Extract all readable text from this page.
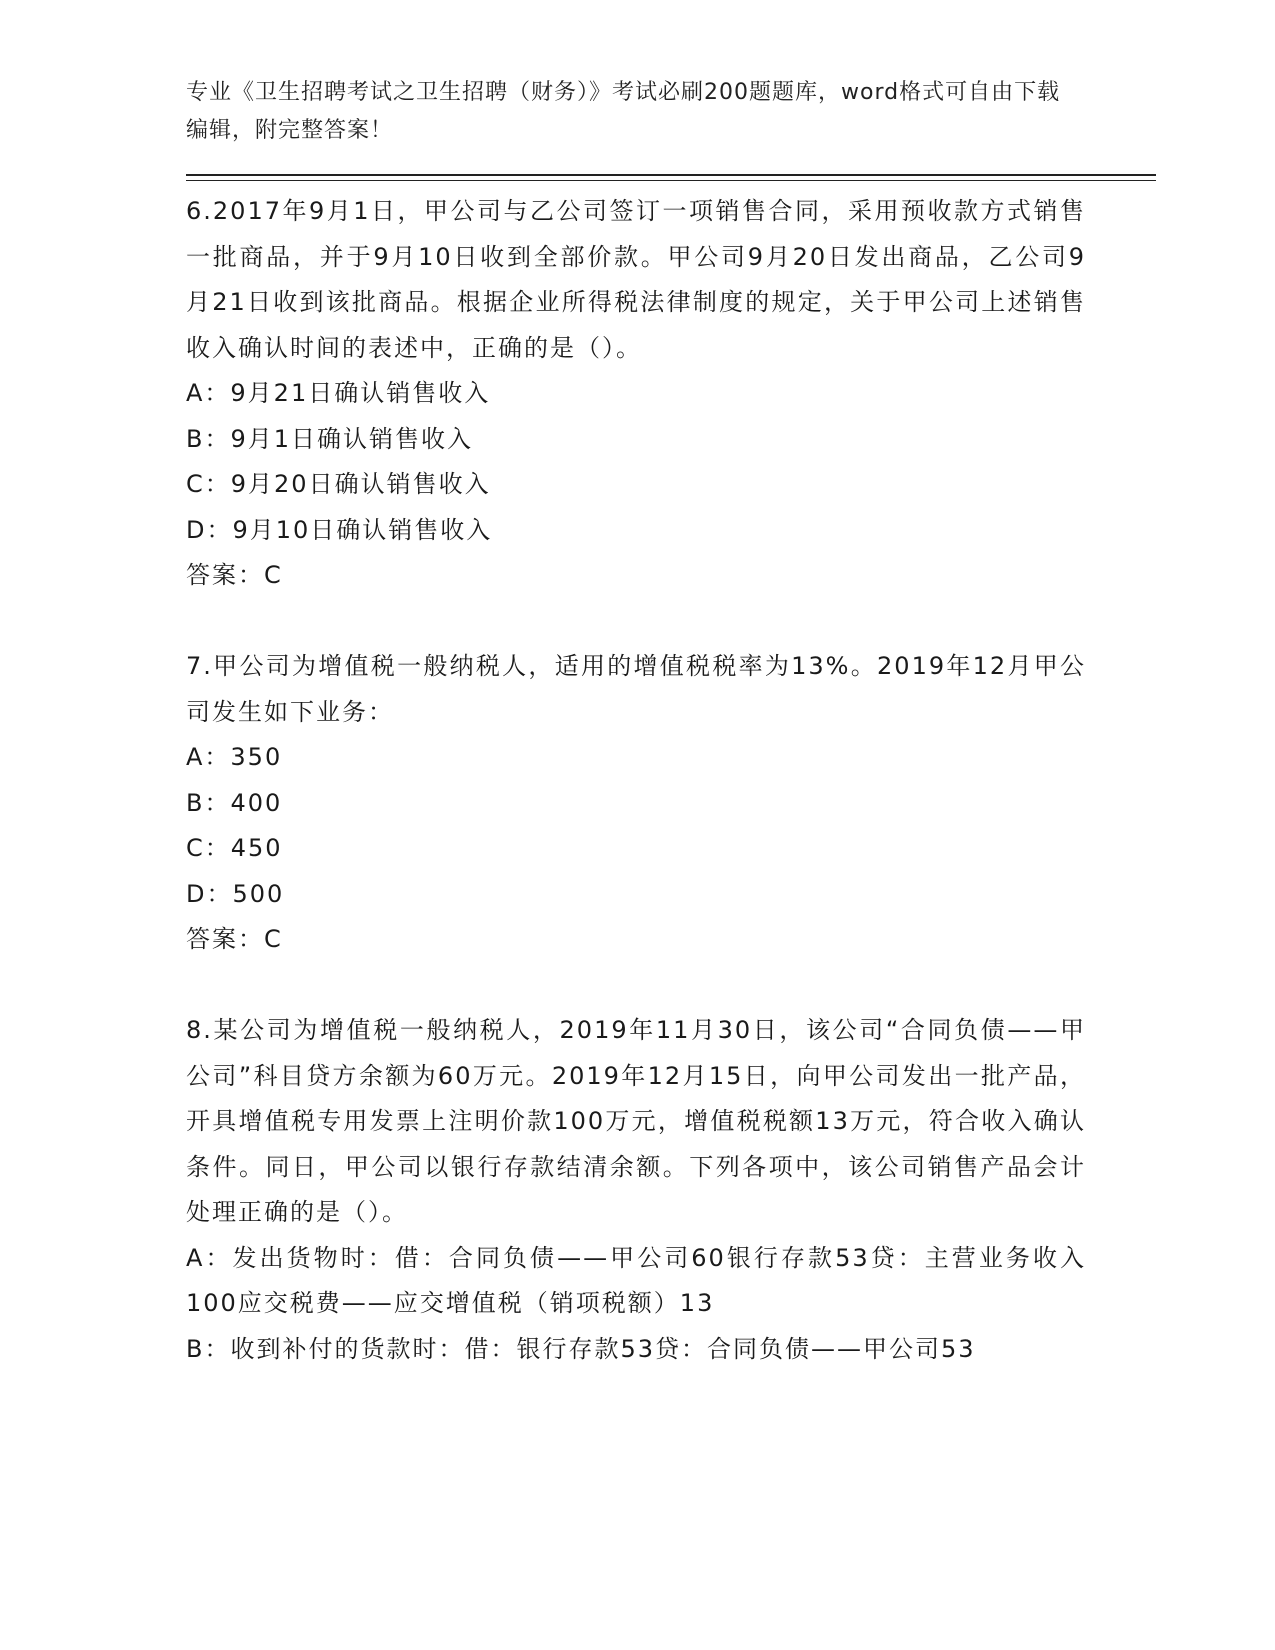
专业《卫生招聘考试之卫生招聘（财务）》考试必刷200题题库，word格式可自由下载编辑，附完整答案！

6.2017年9月1日，甲公司与乙公司签订一项销售合同，采用预收款方式销售一批商品，并于9月10日收到全部价款。甲公司9月20日发出商品，乙公司9月21日收到该批商品。根据企业所得税法律制度的规定，关于甲公司上述销售收入确认时间的表述中，正确的是（）。

A：9月21日确认销售收入

B：9月1日确认销售收入

C：9月20日确认销售收入

D：9月10日确认销售收入

答案：C

7.甲公司为增值税一般纳税人，适用的增值税税率为13%。2019年12月甲公司发生如下业务：

A：350

B：400

C：450

D：500

答案：C

8.某公司为增值税一般纳税人，2019年11月30日，该公司“合同负债——甲公司”科目贷方余额为60万元。2019年12月15日，向甲公司发出一批产品，开具增值税专用发票上注明价款100万元，增值税税额13万元，符合收入确认条件。同日，甲公司以银行存款结清余额。下列各项中，该公司销售产品会计处理正确的是（）。

A：发出货物时：借：合同负债——甲公司60银行存款53贷：主营业务收入100应交税费——应交增值税（销项税额）13

B：收到补付的货款时：借：银行存款53贷：合同负债——甲公司53
